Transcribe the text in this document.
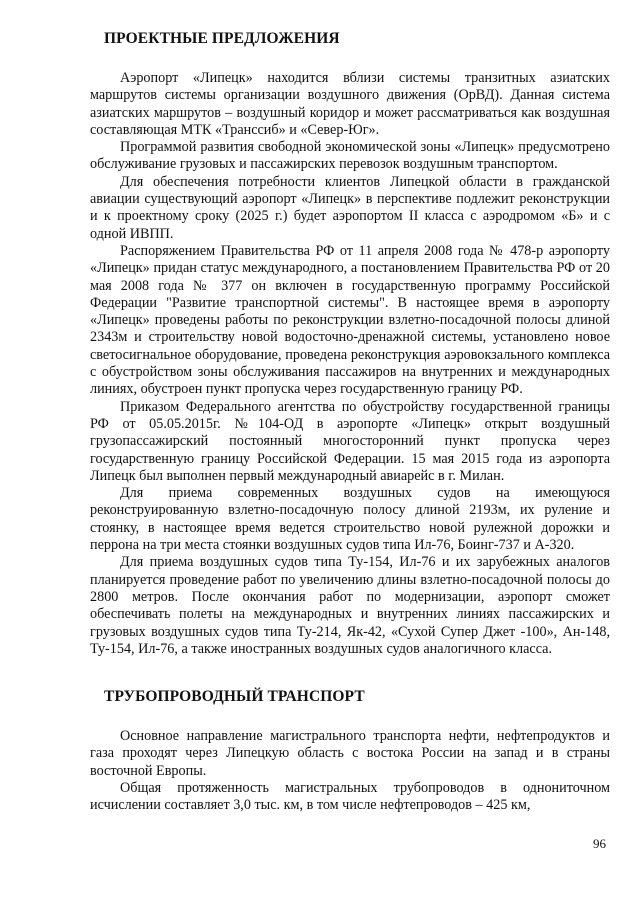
ПРОЕКТНЫЕ ПРЕДЛОЖЕНИЯ

Аэропорт «Липецк» находится вблизи системы транзитных азиатских маршрутов системы организации воздушного движения (ОрВД). Данная система азиатских маршрутов – воздушный коридор и может рассматриваться как воздушная составляющая МТК «Транссиб» и «Север-Юг».

Программой развития свободной экономической зоны «Липецк» предусмотрено обслуживание грузовых и пассажирских перевозок воздушным транспортом.

Для обеспечения потребности клиентов Липецкой области в гражданской авиации существующий аэропорт «Липецк» в перспективе подлежит реконструкции и к проектному сроку (2025 г.) будет аэропортом II класса с аэродромом «Б» и с одной ИВПП.

Распоряжением Правительства РФ от 11 апреля 2008 года № 478-р аэропорту «Липецк» придан статус международного, а постановлением Правительства РФ от 20 мая 2008 года № 377 он включен в государственную программу Российской Федерации "Развитие транспортной системы". В настоящее время в аэропорту «Липецк» проведены работы по реконструкции взлетно-посадочной полосы длиной 2343м и строительству новой водосточно-дренажной системы, установлено новое светосигнальное оборудование, проведена реконструкция аэровокзального комплекса с обустройством зоны обслуживания пассажиров на внутренних и международных линиях, обустроен пункт пропуска через государственную границу РФ.

Приказом Федерального агентства по обустройству государственной границы РФ от 05.05.2015г. №104-ОД в аэропорте «Липецк» открыт воздушный грузопассажирский постоянный многосторонний пункт пропуска через государственную границу Российской Федерации. 15 мая 2015 года из аэропорта Липецк был выполнен первый международный авиарейс в г. Милан.

Для приема современных воздушных судов на имеющуюся реконструированную взлетно-посадочную полосу длиной 2193м, их руление и стоянку, в настоящее время ведется строительство новой рулежной дорожки и перрона на три места стоянки воздушных судов типа Ил-76, Боинг-737 и А-320.

Для приема воздушных судов типа Ту-154, Ил-76 и их зарубежных аналогов планируется проведение работ по увеличению длины взлетно-посадочной полосы до 2800 метров. После окончания работ по модернизации, аэропорт сможет обеспечивать полеты на международных и внутренних линиях пассажирских и грузовых воздушных судов типа Ту-214, Як-42, «Сухой Супер Джет -100», Ан-148, Ту-154, Ил-76, а также иностранных воздушных судов аналогичного класса.

ТРУБОПРОВОДНЫЙ ТРАНСПОРТ

Основное направление магистрального транспорта нефти, нефтепродуктов и газа проходят через Липецкую область с востока России на запад и в страны восточной Европы.

Общая протяженность магистральных трубопроводов в однониточном исчислении составляет 3,0 тыс. км, в том числе нефтепроводов – 425 км,

96
